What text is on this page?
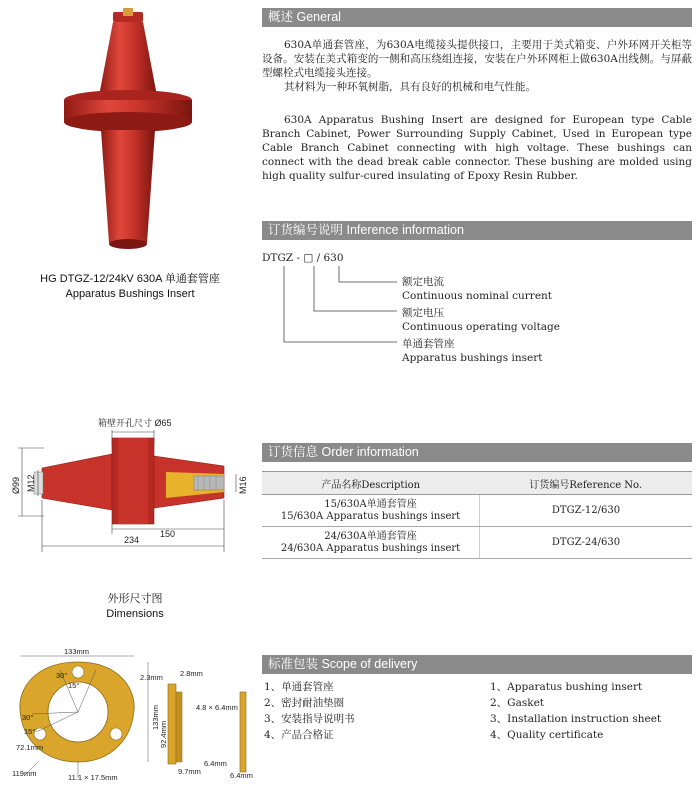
HG DTGZ-12/24kV 630A 单通套管座
Apparatus Bushings Insert
概述 General
630A单通套管座，为630A电缆接头提供接口，主要用于美式箱变、户外环网开关柜等设备。安装在美式箱变的一侧和高压绕组连接，安装在户外环网柜上做630A出线侧。与屏蔽型螺栓式电缆接头连接。
其材料为一种环氧树脂，具有良好的机械和电气性能。
630A Apparatus Bushing Insert are designed for European type Cable Branch Cabinet, Power Surrounding Supply Cabinet, Used in European type Cable Branch Cabinet connecting with high voltage. These bushings can connect with the dead break cable connector. These bushing are molded using high quality sulfur-cured insulating of Epoxy Resin Rubber.
订货编号说明 Inference information
DTGZ - □ / 630
额定电流
Continuous nominal current
额定电压
Continuous operating voltage
单通套管座
Apparatus bushings insert
箱壁开孔尺寸 Ø65
Ø99 M12	M16
150
234
外形尺寸图
Dimensions
订货信息 Order information
产品名称Description	订货编号Reference No.

15/630A单通套管座
15/630A Apparatus bushings insert	DTGZ-12/630

24/630A单通套管座
24/630A Apparatus bushings insert	DTGZ-24/630
133mm
30°
15°
30°
15°
72.1mm
119mm	11.1 × 17.5mm
133mm
2.3mm 2.8mm
92.4mm
9.7mm
4.8 × 6.4mm
6.4mm
6.4mm
标准包装 Scope of delivery
1、单通套管座
2、密封耐油垫圈
3、安装指导说明书
4、产品合格证
1、Apparatus bushing insert
2、Gasket
3、Installation instruction sheet
4、Quality certificate
